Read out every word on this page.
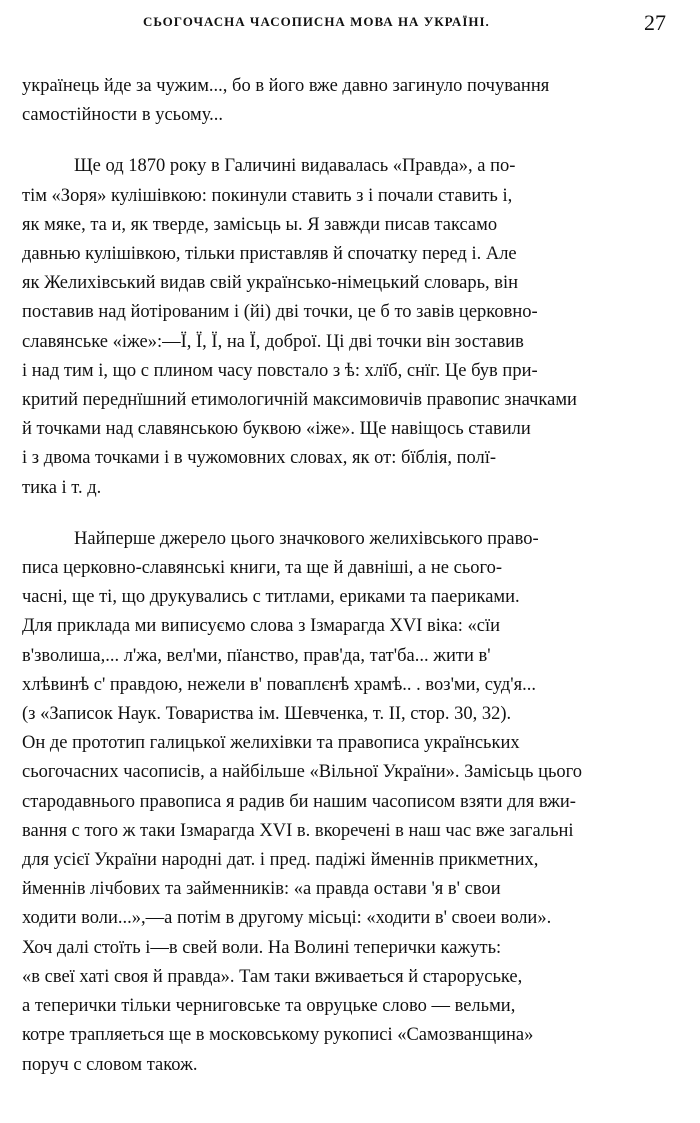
СЬОГОЧАСНА ЧАСОПИСНА МОВА НА УКРАЇНІ.	27

українець йде за чужим..., бо в його вже давно загинуло почування
самостійности в усьому...

Ще од 1870 року в Галичині видавалась «Правда», а по-
тім «Зоря» кулішівкою: покинули ставить з і почали ставить і,
як мяке, та и, як тверде, замісьць ы. Я завжди писав таксамо
давнью кулішівкою, тільки приставляв й спочатку перед і. Але
як Желихівський видав свій українсько-німецький словарь, він
поставив над йотірованим і (йі) дві точки, це б то завів церковно-
славянське «іже»:—Ї, Ї, Ї, на Ї, доброї. Ці дві точки він зоставив
і над тим і, що с плином часу повстало з ѣ: хлїб, снїг. Це був при-
критий переднїшний етимологичній максимовичів правопис значками
й точками над славянською буквою «іже». Ще навіщось ставили
і з двома точками і в чужомовних словах, як от: бїблія, полї-
тика і т. д.

Найперше джерело цього значкового желихівського право-
писа церковно-славянські книги, та ще й давніші, а не сього-
часні, ще ті, що друкувались с титлами, ериками та паериками.
Для приклада ми виписуємо слова з Ізмарагда XVI віка: «сїи
в'зволиша,... л'жа, вел'ми, пїанство, прав'да, тат'ба... жити в'
хлѣвинѣ с' правдою, нежели в' поваплєнѣ храмѣ.. . воз'ми, суд'я...
(з «Записок Наук. Товариства ім. Шевченка, т. II, стор. 30, 32).
Он де прототип галицької желихівки та правописа українських
сьогочасних часописів, а найбільше «Вільної України». Замісьць цього
стародавнього правописа я радив би нашим часописом взяти для вжи-
вання с того ж таки Ізмарагда XVI в. вкоречені в наш час вже загальні
для усієї України народні дат. і пред. падіжі йменнів прикметних,
йменнів лічбових та займенників: «а правда остави 'я в' свои
ходити воли...»,—а потім в другому місьці: «ходити в' своеи воли».
Хоч далі стоїть і—в свей воли. На Волині теперички кажуть:
«в свеї хаті своя й правда». Там таки вживаеться й староруське,
а теперички тільки черниговське та овруцьке слово — вельми,
котре трапляеться ще в московському рукописі «Самозванщина»
поруч с словом також.
